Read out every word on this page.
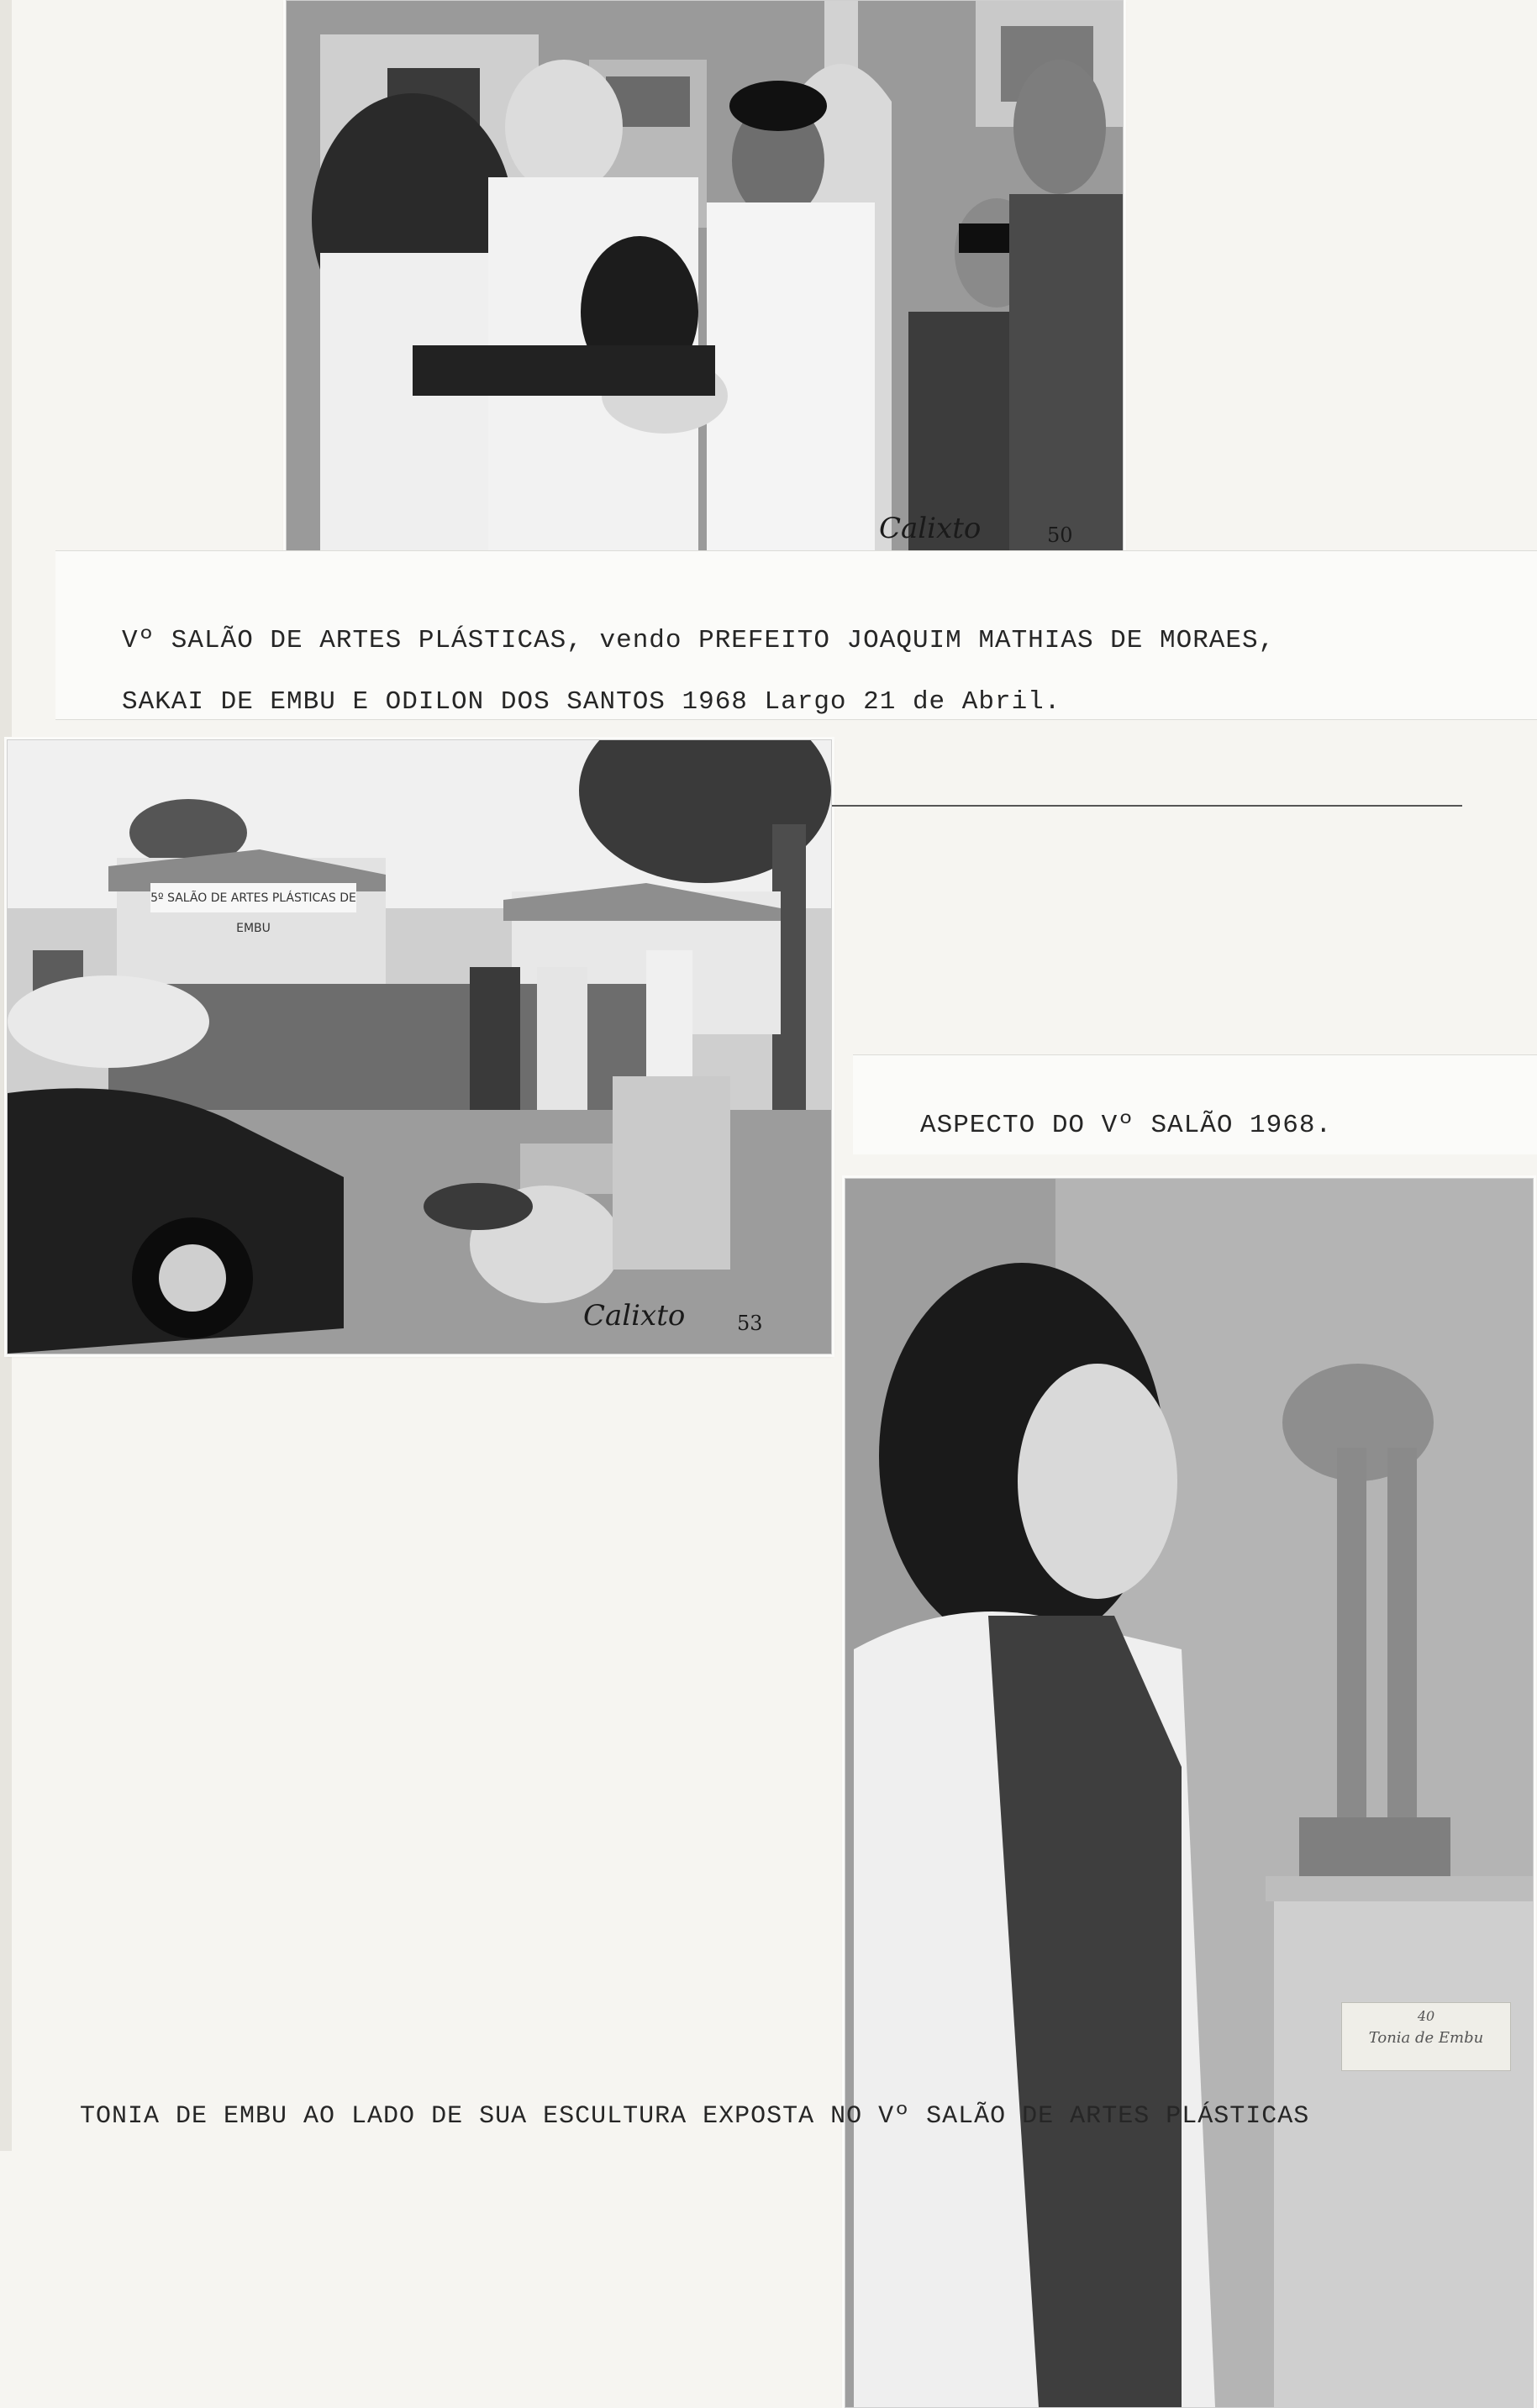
Calixto	50
Vº SALÃO DE ARTES PLÁSTICAS, vendo PREFEITO JOAQUIM MATHIAS DE MORAES,
SAKAI DE EMBU E ODILON DOS SANTOS 1968 Largo 21 de Abril.
5º SALÃO DE ARTES PLÁSTICAS DE EMBU
Calixto	53
ASPECTO DO Vº SALÃO 1968.
40
Tonia de Embu
TONIA DE EMBU AO LADO DE SUA ESCULTURA EXPOSTA NO Vº SALÃO DE ARTES PLÁSTICAS
